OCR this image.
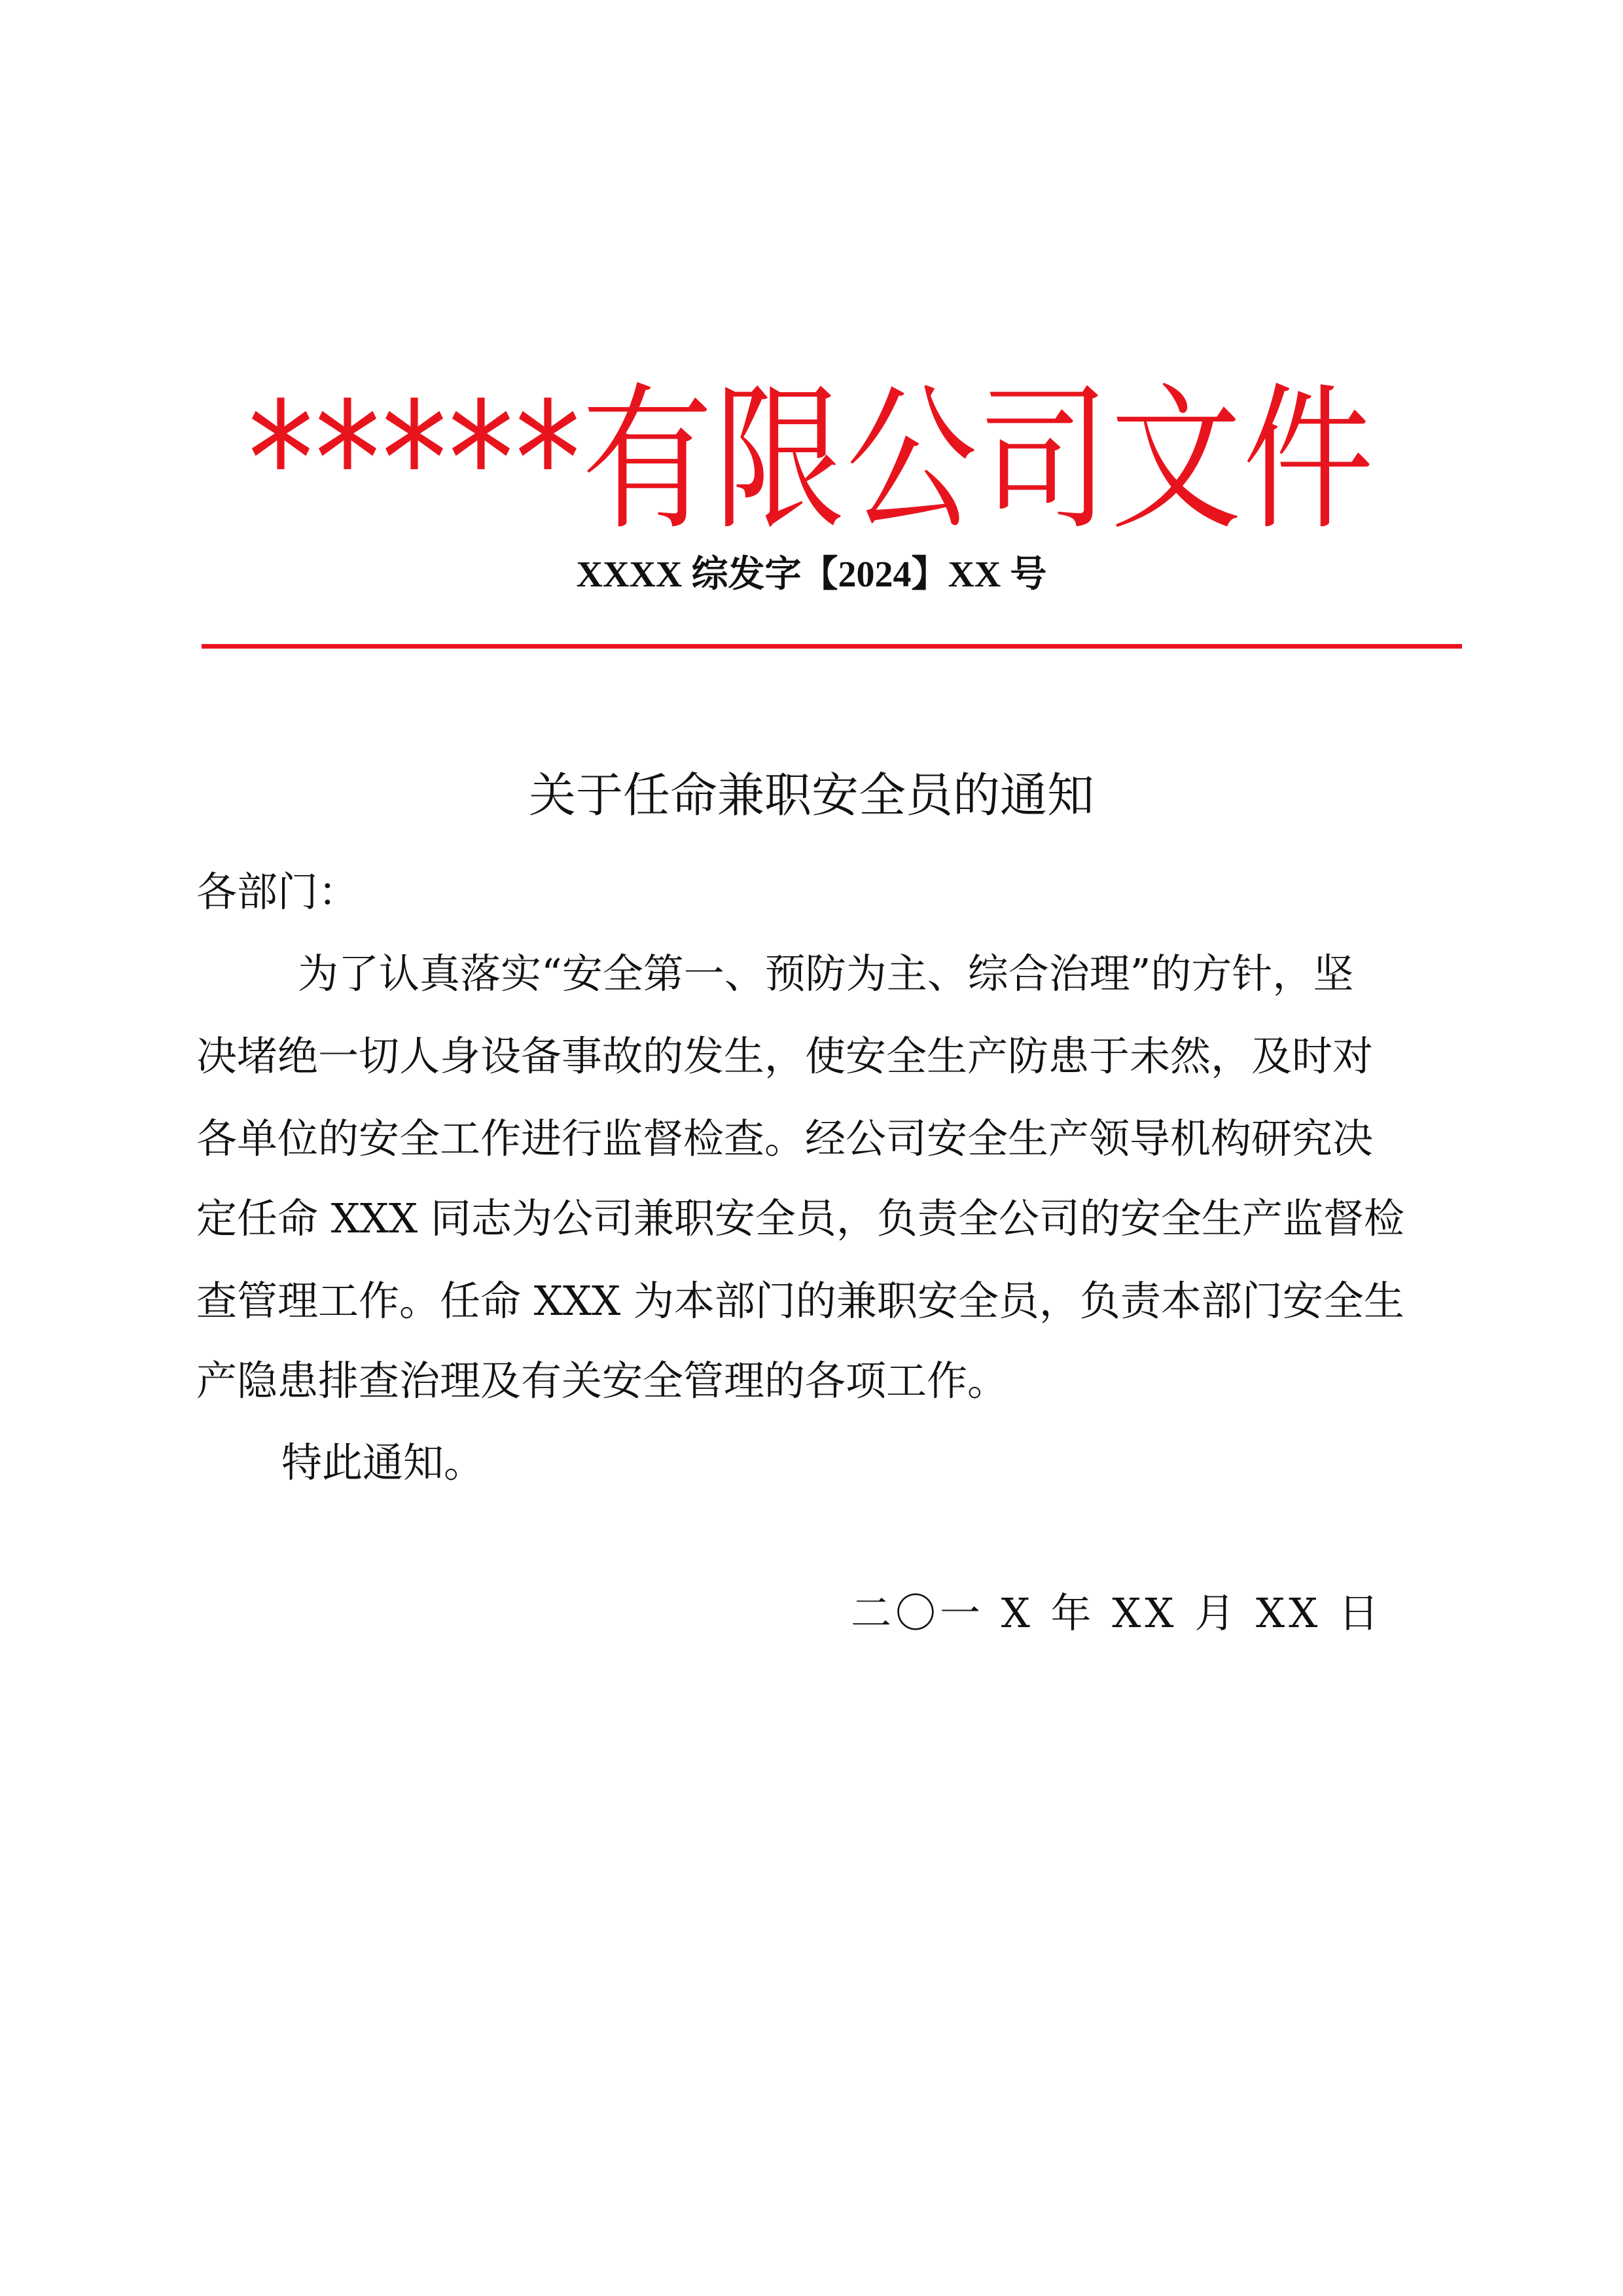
*****有限公司文件
XXXX 综发字【2024】XX 号
关于任命兼职安全员的通知
各部门：
为了认真落实“安全第一、预防为主、综合治理”的方针，坚
决堵绝一切人身设备事故的发生，使安全生产防患于未然，及时对
各单位的安全工作进行监督检查。经公司安全生产领导机构研究决
定任命 XXX 同志为公司兼职安全员，负责全公司的安全生产监督检
查管理工作。任命 XXX 为本部门的兼职安全员，负责本部门安全生
产隐患排查治理及有关安全管理的各项工作。
特此通知。
二〇一 X 年 XX 月 XX 日
